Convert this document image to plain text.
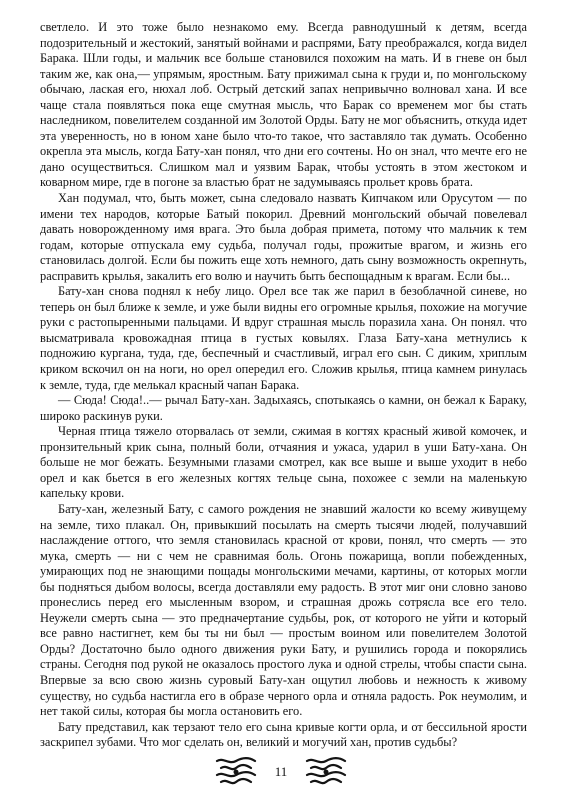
светлело. И это тоже было незнакомо ему. Всегда равнодушный к детям, всегда подозрительный и жестокий, занятый войнами и распрями, Бату преображался, когда видел Барака. Шли годы, и мальчик все больше становился похожим на мать. И в гневе он был таким же, как она,— упрямым, яростным. Бату прижимал сына к груди и, по монгольскому обычаю, лаская его, нюхал лоб. Острый детский запах непривычно волновал хана. И все чаще стала появляться пока еще смутная мысль, что Барак со временем мог бы стать наследником, повелителем созданной им Золотой Орды. Бату не мог объяснить, откуда идет эта уверенность, но в юном хане было что-то такое, что заставляло так думать. Особенно окрепла эта мысль, когда Бату-хан понял, что дни его сочтены. Но он знал, что мечте его не дано осуществиться. Слишком мал и уязвим Барак, чтобы устоять в этом жестоком и коварном мире, где в погоне за властью брат не задумываясь прольет кровь брата.

Хан подумал, что, быть может, сына следовало назвать Кипчаком или Орусутом — по имени тех народов, которые Батый покорил. Древний монгольский обычай повелевал давать новорожденному имя врага. Это была добрая примета, потому что мальчик к тем годам, которые отпускала ему судьба, получал годы, прожитые врагом, и жизнь его становилась долгой. Если бы пожить еще хоть немного, дать сыну возможность окрепнуть, расправить крылья, закалить его волю и научить быть беспощадным к врагам. Если бы...

Бату-хан снова поднял к небу лицо. Орел все так же парил в безоблачной синеве, но теперь он был ближе к земле, и уже были видны его огромные крылья, похожие на могучие руки с растопыренными пальцами. И вдруг страшная мысль поразила хана. Он понял. что высматривала кровожадная птица в густых ковылях. Глаза Бату-хана метнулись к подножию кургана, туда, где, беспечный и счастливый, играл его сын. С диким, хриплым криком вскочил он на ноги, но орел опередил его. Сложив крылья, птица камнем ринулась к земле, туда, где мелькал красный чапан Барака.

— Сюда! Сюда!..— рычал Бату-хан. Задыхаясь, спотыкаясь о камни, он бежал к Бараку, широко раскинув руки.

Черная птица тяжело оторвалась от земли, сжимая в когтях красный живой комочек, и пронзительный крик сына, полный боли, отчаяния и ужаса, ударил в уши Бату-хана. Он больше не мог бежать. Безумными глазами смотрел, как все выше и выше уходит в небо орел и как бьется в его железных когтях тельце сына, похожее с земли на маленькую капельку крови.

Бату-хан, железный Бату, с самого рождения не знавший жалости ко всему живущему на земле, тихо плакал. Он, привыкший посылать на смерть тысячи людей, получавший наслаждение оттого, что земля становилась красной от крови, понял, что смерть — это мука, смерть — ни с чем не сравнимая боль. Огонь пожарища, вопли побежденных, умирающих под не знающими пощады монгольскими мечами, картины, от которых могли бы подняться дыбом волосы, всегда доставляли ему радость. В этот миг они словно заново пронеслись перед его мысленным взором, и страшная дрожь сотрясла все его тело. Неужели смерть сына — это предначертание судьбы, рок, от которого не уйти и который все равно настигнет, кем бы ты ни был — простым воином или повелителем Золотой Орды? Достаточно было одного движения руки Бату, и рушились города и покорялись страны. Сегодня под рукой не оказалось простого лука и одной стрелы, чтобы спасти сына. Впервые за всю свою жизнь суровый Бату-хан ощутил любовь и нежность к живому существу, но судьба настигла его в образе черного орла и отняла радость. Рок неумолим, и нет такой силы, которая бы могла остановить его.

Бату представил, как терзают тело его сына кривые когти орла, и от бессильной ярости заскрипел зубами. Что мог сделать он, великий и могучий хан, против судьбы?

11
